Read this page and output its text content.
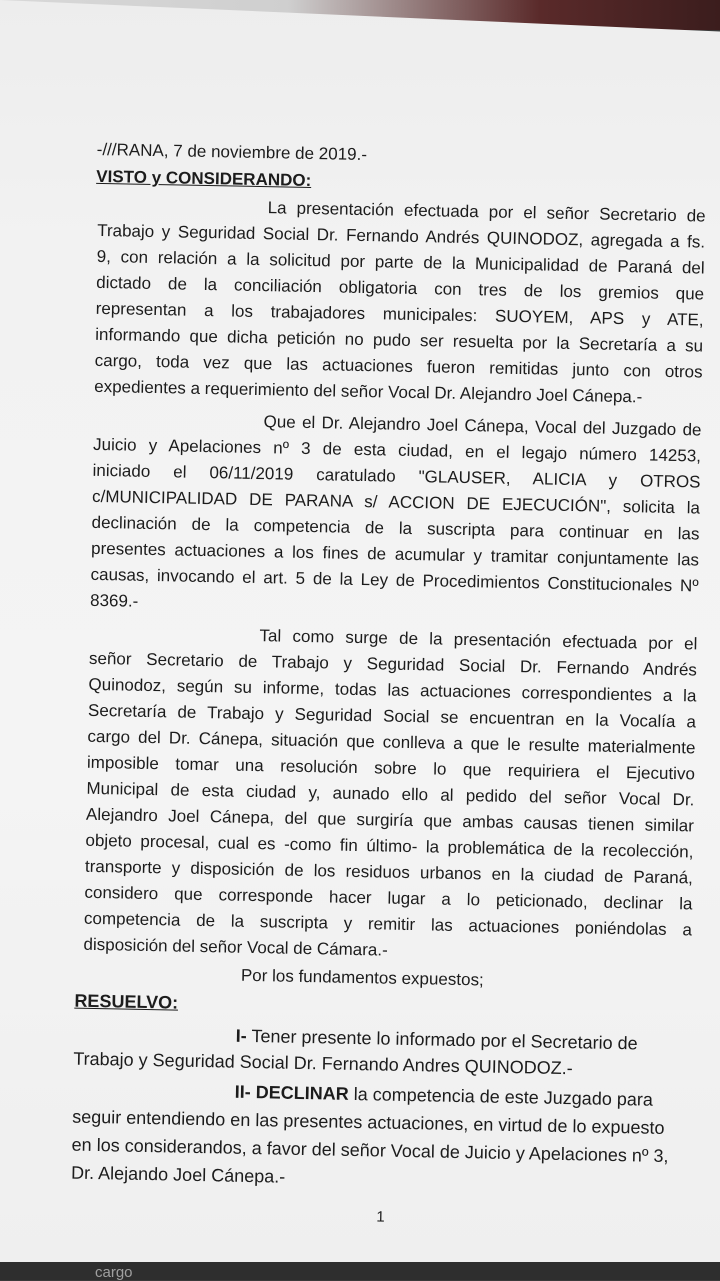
-///RANA, 7 de noviembre de 2019.-
VISTO y CONSIDERANDO:
La presentación efectuada por el señor Secretario de
Trabajo y Seguridad Social Dr. Fernando Andrés QUINODOZ, agregada a fs.
9, con relación a la solicitud por parte de la Municipalidad de Paraná del
dictado de la conciliación obligatoria con tres de los gremios que
representan a los trabajadores municipales: SUOYEM, APS y ATE,
informando que dicha petición no pudo ser resuelta por la Secretaría a su
cargo, toda vez que las actuaciones fueron remitidas junto con otros
expedientes a requerimiento del señor Vocal Dr. Alejandro Joel Cánepa.-
Que el Dr. Alejandro Joel Cánepa, Vocal del Juzgado de
Juicio y Apelaciones nº 3 de esta ciudad, en el legajo número 14253,
iniciado el 06/11/2019 caratulado "GLAUSER, ALICIA y OTROS
c/MUNICIPALIDAD DE PARANA s/ ACCION DE EJECUCIÓN", solicita la
declinación de la competencia de la suscripta para continuar en las
presentes actuaciones a los fines de acumular y tramitar conjuntamente las
causas, invocando el art. 5 de la Ley de Procedimientos Constitucionales Nº
8369.-
Tal como surge de la presentación efectuada por el
señor Secretario de Trabajo y Seguridad Social Dr. Fernando Andrés
Quinodoz, según su informe, todas las actuaciones correspondientes a la
Secretaría de Trabajo y Seguridad Social se encuentran en la Vocalía a
cargo del Dr. Cánepa, situación que conlleva a que le resulte materialmente
imposible tomar una resolución sobre lo que requiriera el Ejecutivo
Municipal de esta ciudad y, aunado ello al pedido del señor Vocal Dr.
Alejandro Joel Cánepa, del que surgiría que ambas causas tienen similar
objeto procesal, cual es -como fin último- la problemática de la recolección,
transporte y disposición de los residuos urbanos en la ciudad de Paraná,
considero que corresponde hacer lugar a lo peticionado, declinar la
competencia de la suscripta y remitir las actuaciones poniéndolas a
disposición del señor Vocal de Cámara.-
Por los fundamentos expuestos;
RESUELVO:
I- Tener presente lo informado por el Secretario de
Trabajo y Seguridad Social Dr. Fernando Andres QUINODOZ.-
II- DECLINAR la competencia de este Juzgado para
seguir entendiendo en las presentes actuaciones, en virtud de lo expuesto
en los considerandos, a favor del señor Vocal de Juicio y Apelaciones nº 3,
Dr. Alejando Joel Cánepa.-
1
cargo
